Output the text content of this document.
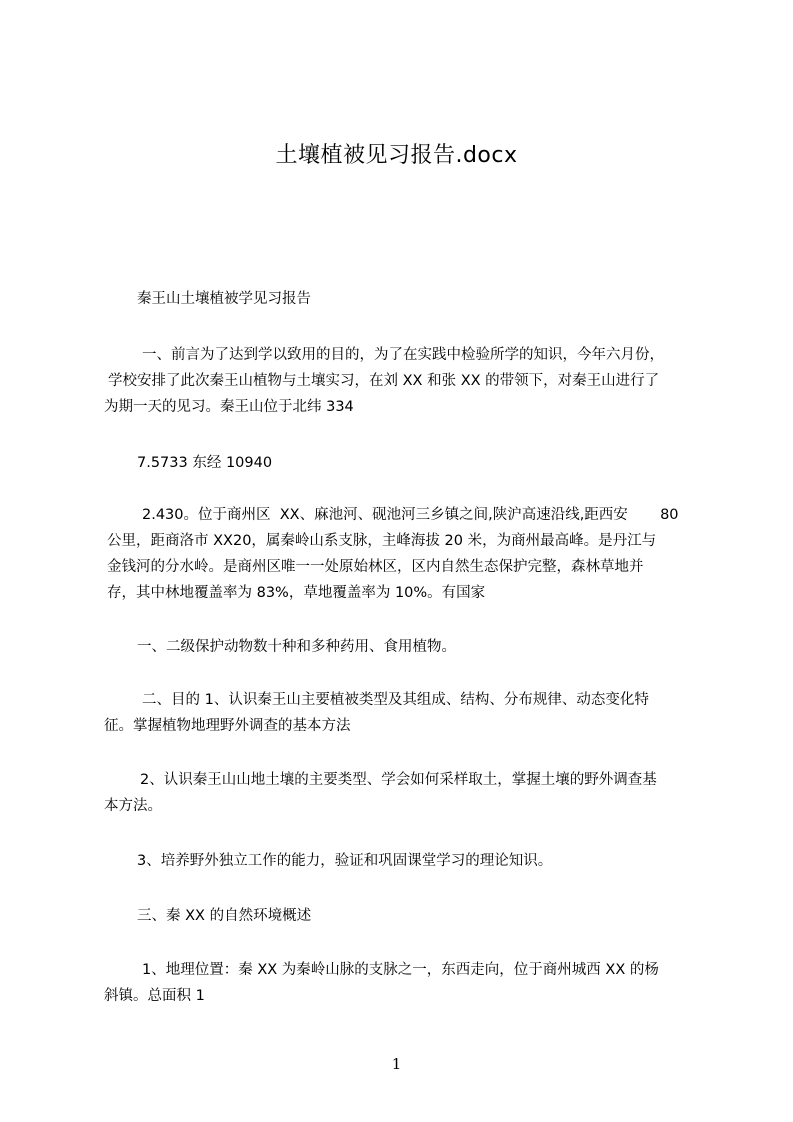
土壤植被见习报告.docx
秦王山土壤植被学见习报告
一、前言为了达到学以致用的目的，为了在实践中检验所学的知识，今年六月份，
学校安排了此次秦王山植物与土壤实习，在刘 XX 和张 XX 的带领下，对秦王山进行了
为期一天的见习。秦王山位于北纬 334
7.5733 东经 10940
2.430。位于商州区  XX、麻池河、砚池河三乡镇之间,陕沪高速沿线,距西安       80
公里，距商洛市 XX20，属秦岭山系支脉，主峰海拔 20 米，为商州最高峰。是丹江与
金钱河的分水岭。是商州区唯一一处原始林区，区内自然生态保护完整，森林草地并
存，其中林地覆盖率为 83%，草地覆盖率为 10%。有国家
一、二级保护动物数十种和多种药用、食用植物。
二、目的 1、认识秦王山主要植被类型及其组成、结构、分布规律、动态变化特
征。掌握植物地理野外调查的基本方法
2、认识秦王山山地土壤的主要类型、学会如何采样取土，掌握土壤的野外调查基
本方法。
3、培养野外独立工作的能力，验证和巩固课堂学习的理论知识。
三、秦 XX 的自然环境概述
1、地理位置：秦 XX 为秦岭山脉的支脉之一，东西走向，位于商州城西 XX 的杨
斜镇。总面积 1
1
